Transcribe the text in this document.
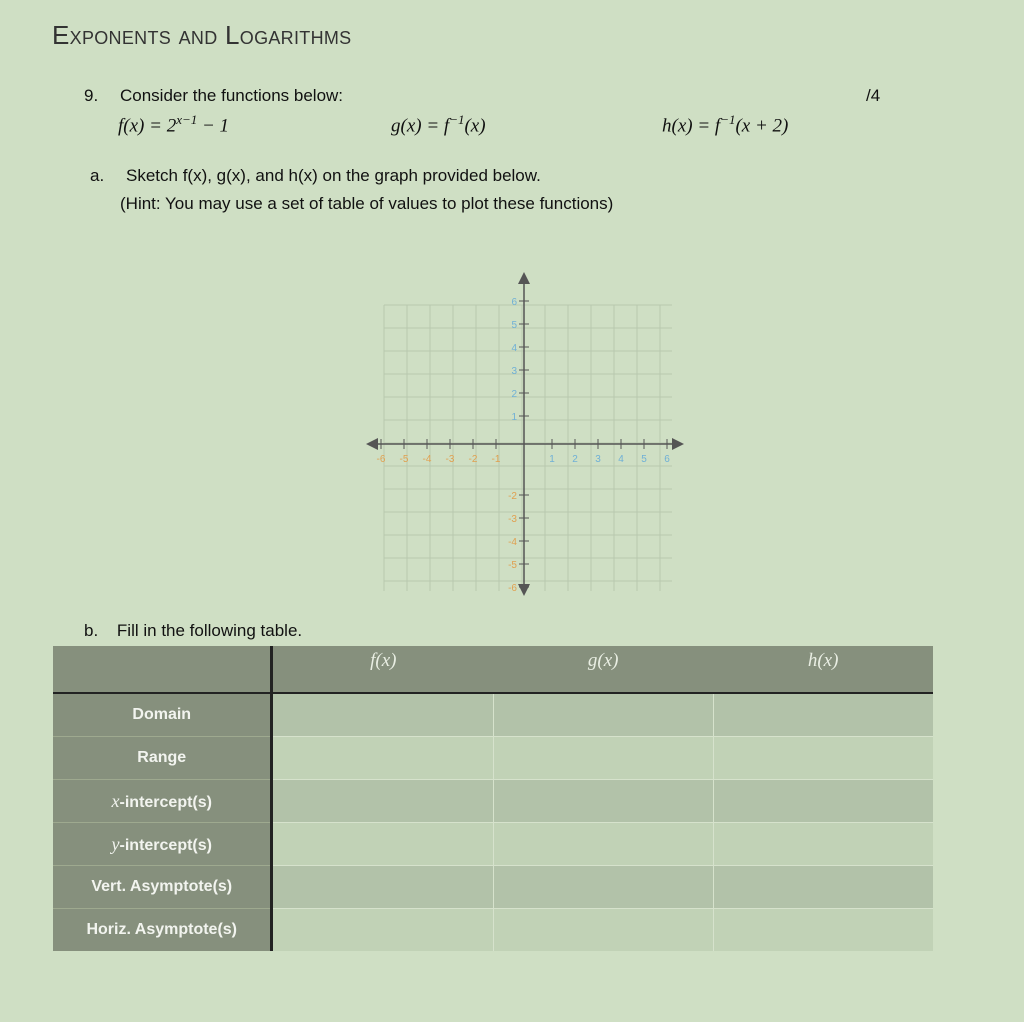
Exponents and Logarithms
9. Consider the functions below:	/4
$f(x) = 2^{x-1} - 1$	$g(x) = f^{-1}(x)$	$h(x) = f^{-1}(x + 2)$
a. Sketch f(x), g(x), and h(x) on the graph provided below.
(Hint: You may use a set of table of values to plot these functions)
-6 -5 -4 -3 -2 -1	1 2 3 4 5 6
6
5
4
3
2
1
-2
-3
-4
-5
-6
b. Fill in the following table.
	f(x)	g(x)	h(x)
Domain			
Range			
x-intercept(s)			
y-intercept(s)			
Vert. Asymptote(s)			
Horiz. Asymptote(s)			
